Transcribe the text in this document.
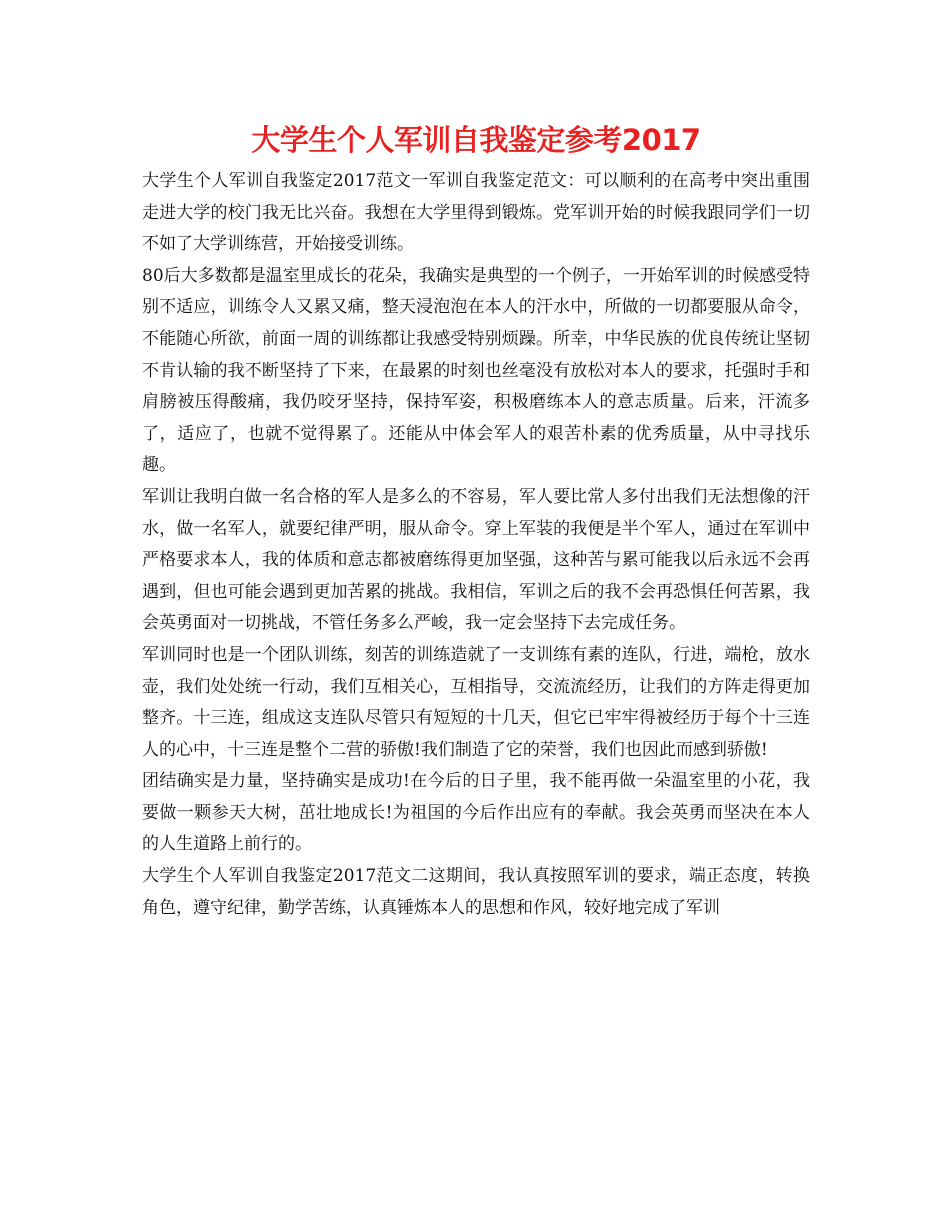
大学生个人军训自我鉴定参考2017

大学生个人军训自我鉴定2017范文一军训自我鉴定范文：可以顺利的在高考中突出重围走进大学的校门我无比兴奋。我想在大学里得到锻炼。党军训开始的时候我跟同学们一切不如了大学训练营，开始接受训练。

80后大多数都是温室里成长的花朵，我确实是典型的一个例子，一开始军训的时候感受特别不适应，训练令人又累又痛，整天浸泡泡在本人的汗水中，所做的一切都要服从命令，不能随心所欲，前面一周的训练都让我感受特别烦躁。所幸，中华民族的优良传统让坚韧不肯认输的我不断坚持了下来，在最累的时刻也丝毫没有放松对本人的要求，托强时手和肩膀被压得酸痛，我仍咬牙坚持，保持军姿，积极磨练本人的意志质量。后来，汗流多了，适应了，也就不觉得累了。还能从中体会军人的艰苦朴素的优秀质量，从中寻找乐趣。

军训让我明白做一名合格的军人是多么的不容易，军人要比常人多付出我们无法想像的汗水，做一名军人，就要纪律严明，服从命令。穿上军装的我便是半个军人，通过在军训中严格要求本人，我的体质和意志都被磨练得更加坚强，这种苦与累可能我以后永远不会再遇到，但也可能会遇到更加苦累的挑战。我相信，军训之后的我不会再恐惧任何苦累，我会英勇面对一切挑战，不管任务多么严峻，我一定会坚持下去完成任务。

军训同时也是一个团队训练，刻苦的训练造就了一支训练有素的连队，行进，端枪，放水壶，我们处处统一行动，我们互相关心，互相指导，交流流经历，让我们的方阵走得更加整齐。十三连，组成这支连队尽管只有短短的十几天，但它已牢牢得被经历于每个十三连人的心中，十三连是整个二营的骄傲!我们制造了它的荣誉，我们也因此而感到骄傲!

团结确实是力量，坚持确实是成功!在今后的日子里，我不能再做一朵温室里的小花，我要做一颗参天大树，茁壮地成长!为祖国的今后作出应有的奉献。我会英勇而坚决在本人的人生道路上前行的。

大学生个人军训自我鉴定2017范文二这期间，我认真按照军训的要求，端正态度，转换角色，遵守纪律，勤学苦练，认真锤炼本人的思想和作风，较好地完成了军训
